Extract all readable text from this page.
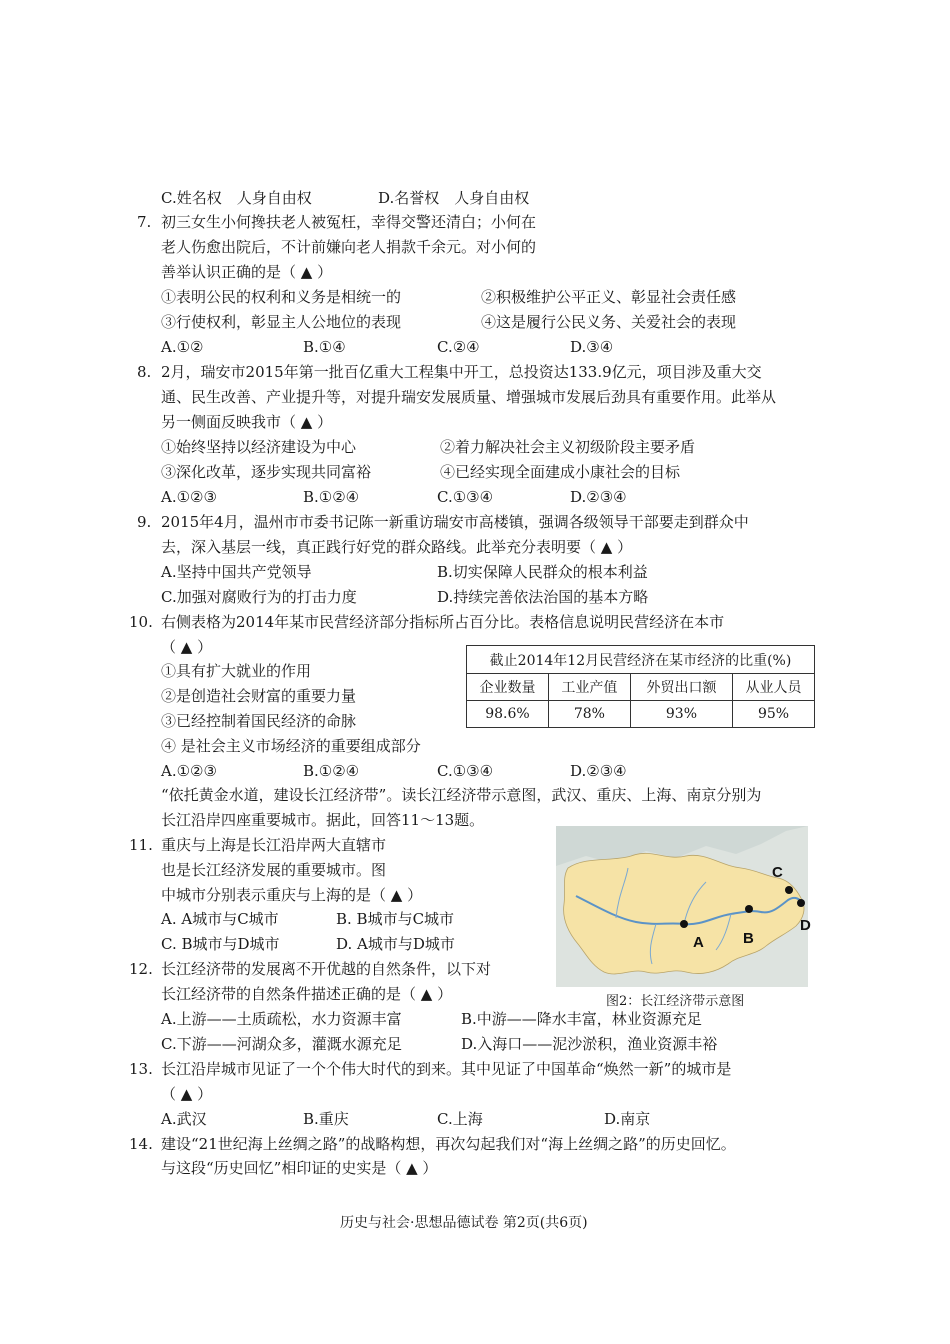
C.姓名权　人身自由权	D.名誉权　人身自由权
7. 初三女生小何搀扶老人被冤枉，幸得交警还清白；小何在
老人伤愈出院后，不计前嫌向老人捐款千余元。对小何的
善举认识正确的是（ ▲ ）
①表明公民的权利和义务是相统一的	②积极维护公平正义、彰显社会责任感
③行使权利，彰显主人公地位的表现	④这是履行公民义务、关爱社会的表现
A.①②	B.①④	C.②④	D.③④
8. 2月，瑞安市2015年第一批百亿重大工程集中开工，总投资达133.9亿元，项目涉及重大交
通、民生改善、产业提升等，对提升瑞安发展质量、增强城市发展后劲具有重要作用。此举从
另一侧面反映我市（ ▲ ）
①始终坚持以经济建设为中心	②着力解决社会主义初级阶段主要矛盾
③深化改革，逐步实现共同富裕	④已经实现全面建成小康社会的目标
A.①②③	B.①②④	C.①③④	D.②③④
9. 2015年4月，温州市市委书记陈一新重访瑞安市高楼镇，强调各级领导干部要走到群众中
去，深入基层一线，真正践行好党的群众路线。此举充分表明要（ ▲ ）
A.坚持中国共产党领导	B.切实保障人民群众的根本利益
C.加强对腐败行为的打击力度	D.持续完善依法治国的基本方略
10. 右侧表格为2014年某市民营经济部分指标所占百分比。表格信息说明民营经济在本市
（ ▲ ）
①具有扩大就业的作用
②是创造社会财富的重要力量
③已经控制着国民经济的命脉
④ 是社会主义市场经济的重要组成部分
A.①②③	B.①②④	C.①③④	D.②③④
截止2014年12月民营经济在某市经济的比重(%)			
企业数量	工业产值	外贸出口额	从业人员
98.6%	78%	93%	95%
“依托黄金水道，建设长江经济带”。读长江经济带示意图，武汉、重庆、上海、南京分别为
长江沿岸四座重要城市。据此，回答11～13题。
11. 重庆与上海是长江沿岸两大直辖市
也是长江经济发展的重要城市。图
中城市分别表示重庆与上海的是（ ▲ ）
A. A城市与C城市	B. B城市与C城市
C. B城市与D城市	D. A城市与D城市	A	B
C
D
图2：长江经济带示意图
12. 长江经济带的发展离不开优越的自然条件，以下对
长江经济带的自然条件描述正确的是（ ▲ ）
A.上游——土质疏松，水力资源丰富	B.中游——降水丰富，林业资源充足
C.下游——河湖众多，灌溉水源充足	D.入海口——泥沙淤积，渔业资源丰裕
13. 长江沿岸城市见证了一个个伟大时代的到来。其中见证了中国革命“焕然一新”的城市是
（ ▲ ）
A.武汉	B.重庆	C.上海	D.南京
14. 建设“21世纪海上丝绸之路”的战略构想，再次勾起我们对“海上丝绸之路”的历史回忆。
与这段“历史回忆”相印证的史实是（ ▲ ）
历史与社会·思想品德试卷 第2页(共6页)
